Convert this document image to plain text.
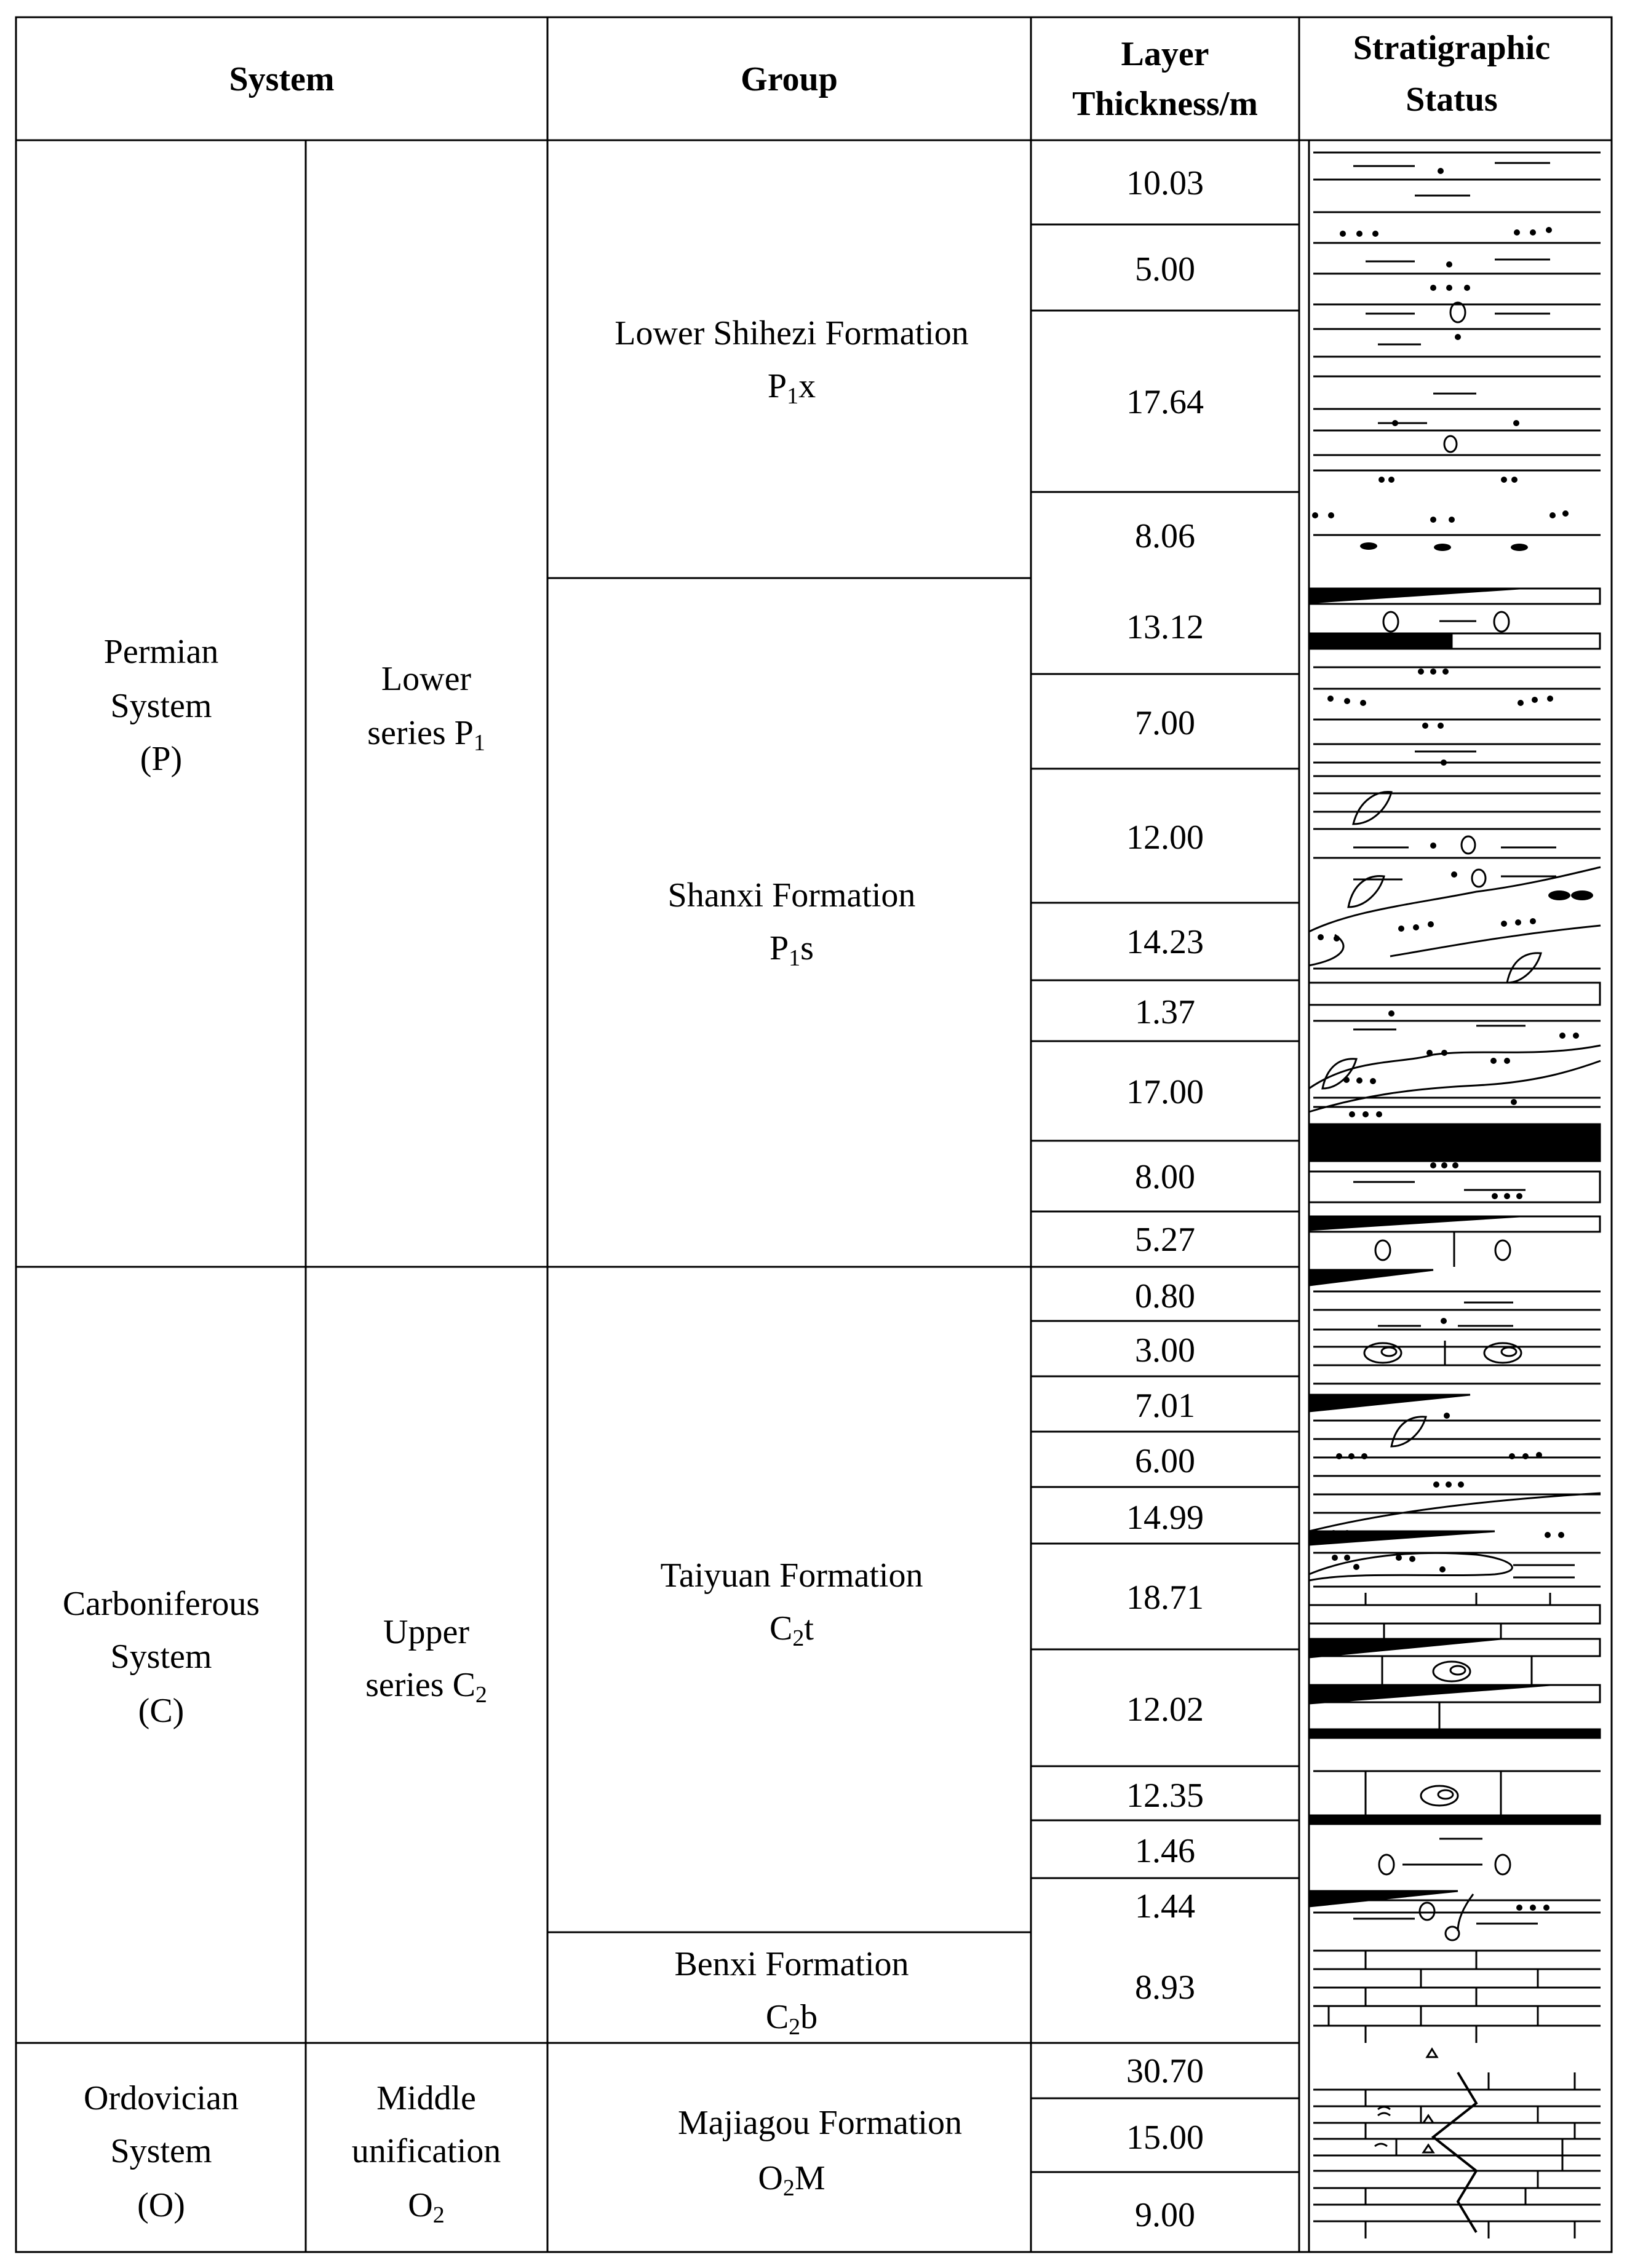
System	Group
Layer
Thickness/m
Stratigraphic
Status
Permian
System
(P)
Carboniferous
System
(C)
Ordovician
System
(O)
Lower
series P1
Upper
series C2
Middle
unification
O2
Lower Shihezi Formation
P1x
Shanxi Formation
P1s
Taiyuan Formation
C2t
Benxi Formation
C2b
Majiagou Formation
O2M
10.03
5.00
17.64
8.06
13.12
7.00
12.00
14.23
1.37
17.00
8.00
5.27
0.80
3.00
7.01
6.00
14.99
18.71
12.02
12.35
1.46
1.44
8.93
30.70
15.00
9.00
